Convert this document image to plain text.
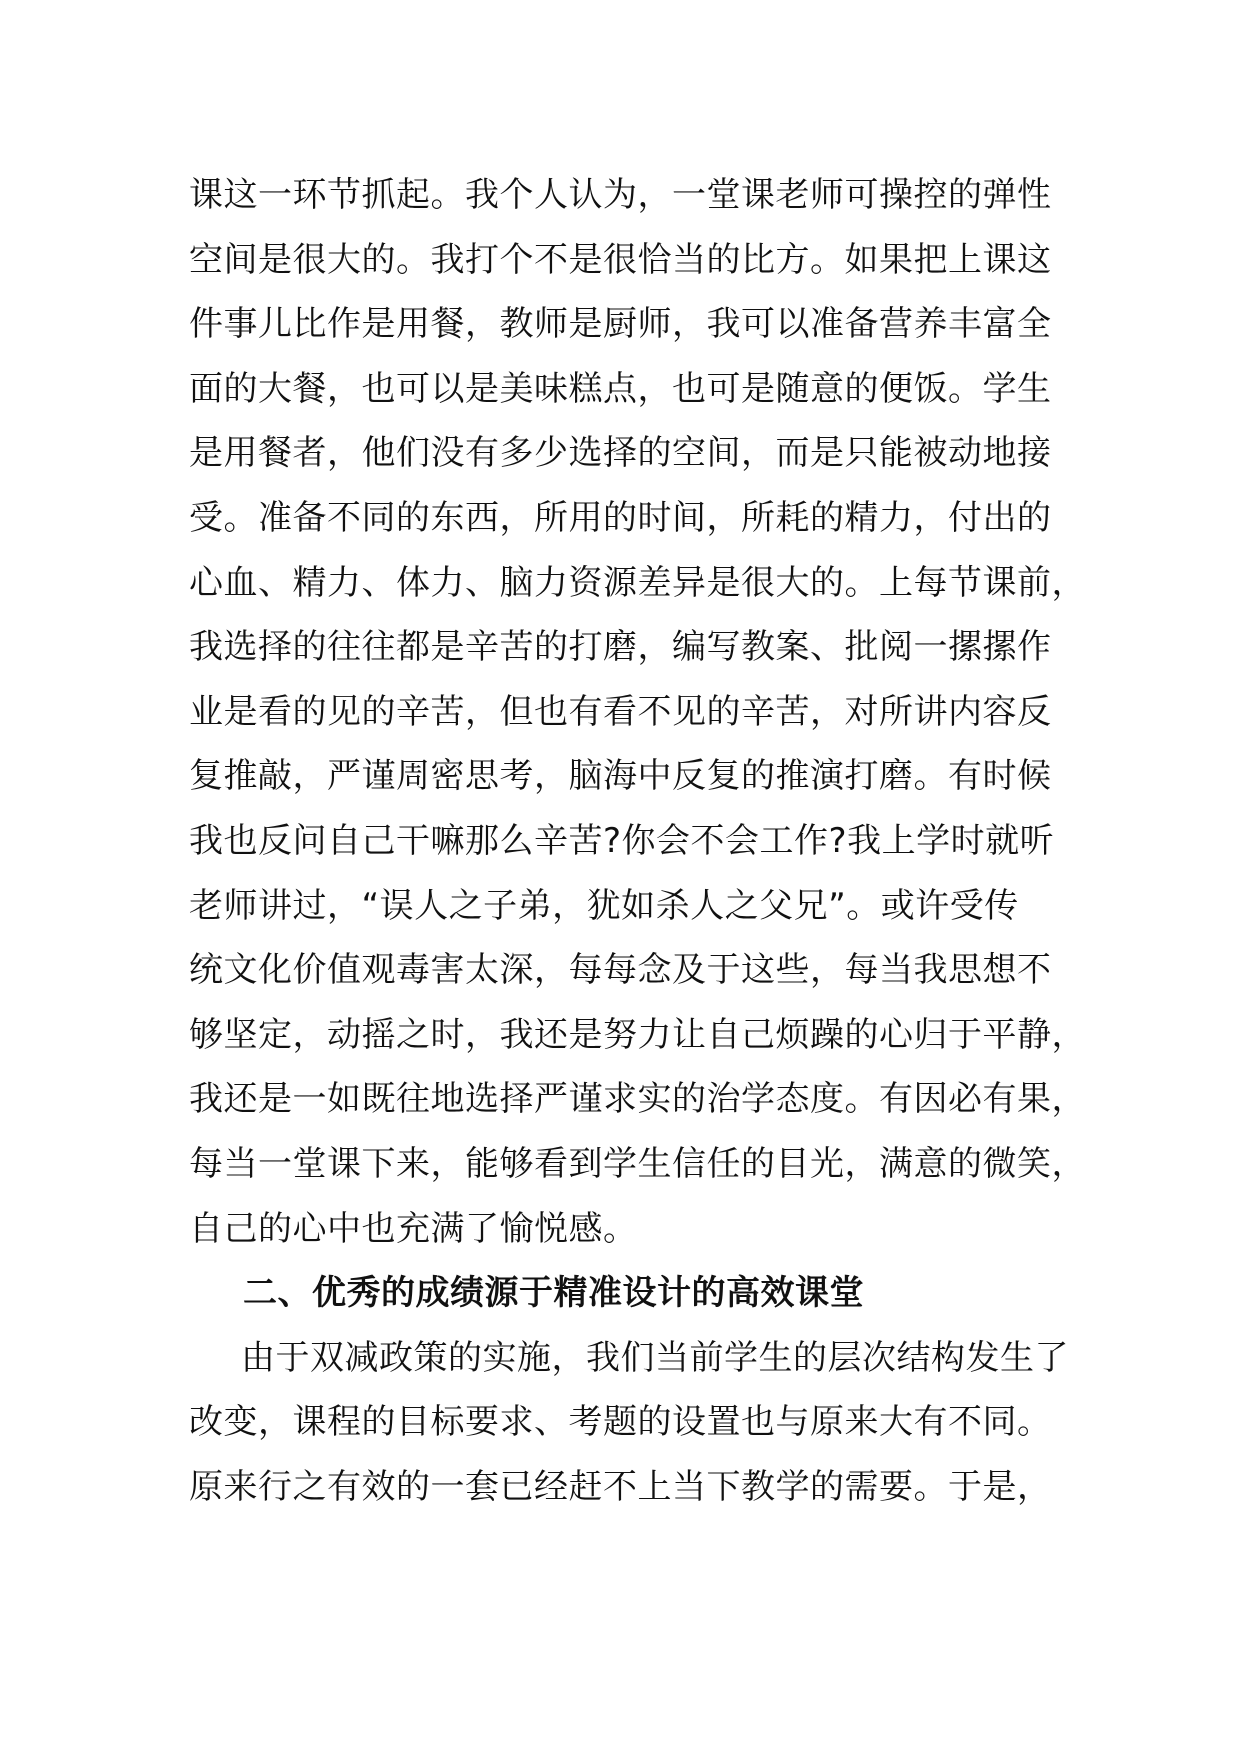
课这一环节抓起。我个人认为，一堂课老师可操控的弹性
空间是很大的。我打个不是很恰当的比方。如果把上课这
件事儿比作是用餐，教师是厨师，我可以准备营养丰富全
面的大餐，也可以是美味糕点，也可是随意的便饭。学生
是用餐者，他们没有多少选择的空间，而是只能被动地接
受。准备不同的东西，所用的时间，所耗的精力，付出的
心血、精力、体力、脑力资源差异是很大的。上每节课前，
我选择的往往都是辛苦的打磨，编写教案、批阅一摞摞作
业是看的见的辛苦，但也有看不见的辛苦，对所讲内容反
复推敲，严谨周密思考，脑海中反复的推演打磨。有时候
我也反问自己干嘛那么辛苦?你会不会工作?我上学时就听
老师讲过，“误人之子弟，犹如杀人之父兄”。或许受传
统文化价值观毒害太深，每每念及于这些，每当我思想不
够坚定，动摇之时，我还是努力让自己烦躁的心归于平静，
我还是一如既往地选择严谨求实的治学态度。有因必有果，
每当一堂课下来，能够看到学生信任的目光，满意的微笑，
自己的心中也充满了愉悦感。
二、优秀的成绩源于精准设计的高效课堂
由于双减政策的实施，我们当前学生的层次结构发生了
改变，课程的目标要求、考题的设置也与原来大有不同。
原来行之有效的一套已经赶不上当下教学的需要。于是，
